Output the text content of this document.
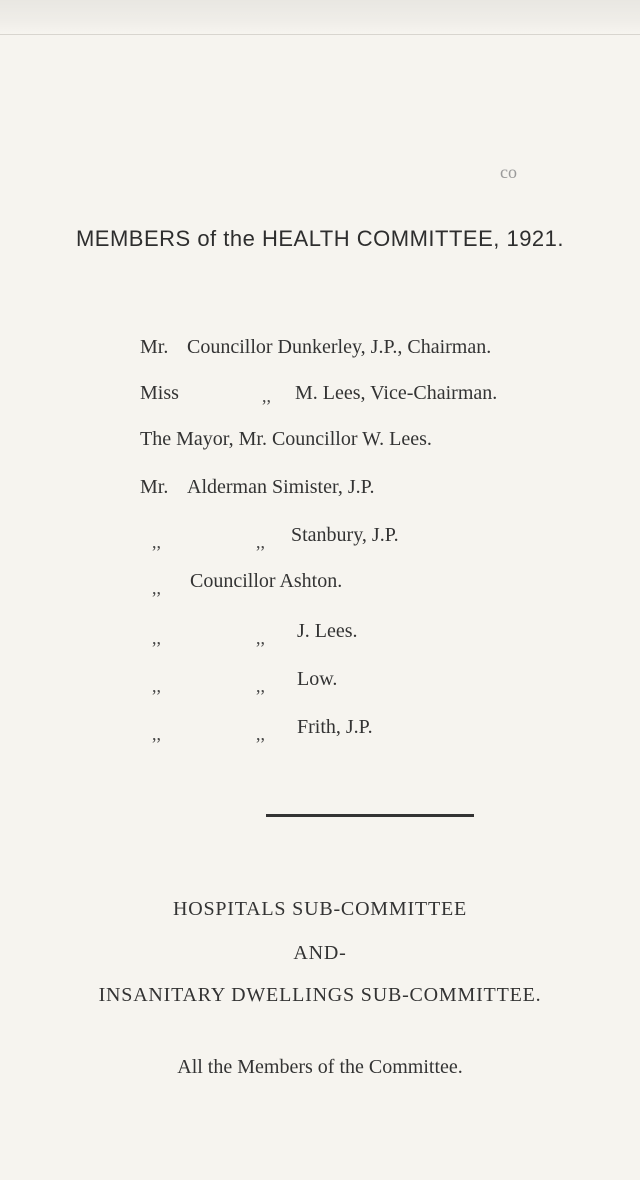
co
MEMBERS of the HEALTH COMMITTEE, 1921.
Mr. Councillor Dunkerley, J.P., Chairman.
Miss	,, M. Lees, Vice-Chairman.
The Mayor, Mr. Councillor W. Lees.
Mr. Alderman Simister, J.P.
,,	,, Stanbury, J.P.
,, Councillor Ashton.
,,	,, J. Lees.
,,	,, Low.
,,	,, Frith, J.P.
HOSPITALS SUB-COMMITTEE
AND-
INSANITARY DWELLINGS SUB-COMMITTEE.
All the Members of the Committee.
